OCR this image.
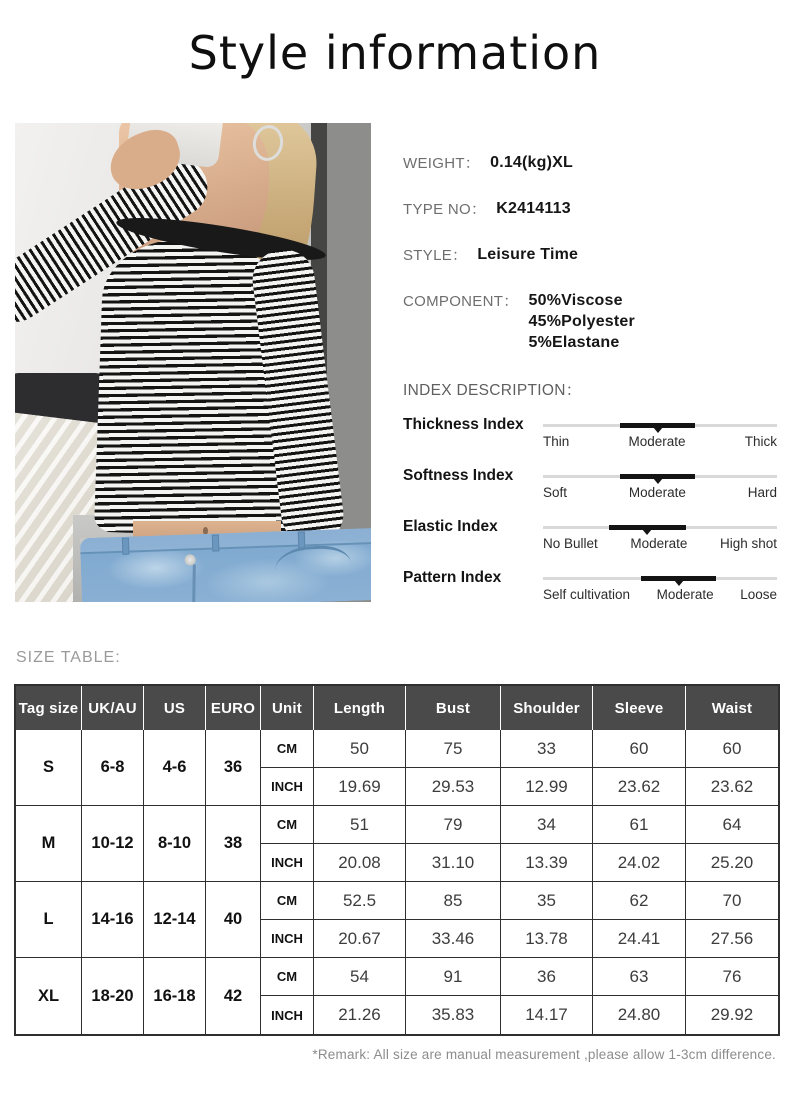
Style information
WEIGHT： 0.14(kg)XL
TYPE NO： K2414113
STYLE： Leisure Time
COMPONENT： 50%Viscose
45%Polyester
5%Elastane
INDEX DESCRIPTION：
Thickness Index
Thin	Moderate	Thick
Softness Index
Soft	Moderate	Hard
Elastic Index
No Bullet Moderate High shot
Pattern Index
Self cultivation Moderate Loose
SIZE TABLE:
Tag size	UK/AU	US	EURO	Unit	Length	Bust	Shoulder	Sleeve	Waist
S	6-8	4-6	36	CM	50	75	33	60	60
				INCH	19.69	29.53	12.99	23.62	23.62
M	10-12	8-10	38	CM	51	79	34	61	64
				INCH	20.08	31.10	13.39	24.02	25.20
L	14-16	12-14	40	CM	52.5	85	35	62	70
				INCH	20.67	33.46	13.78	24.41	27.56
XL	18-20	16-18	42	CM	54	91	36	63	76
				INCH	21.26	35.83	14.17	24.80	29.92
*Remark: All size are manual measurement ,please allow 1-3cm difference.
